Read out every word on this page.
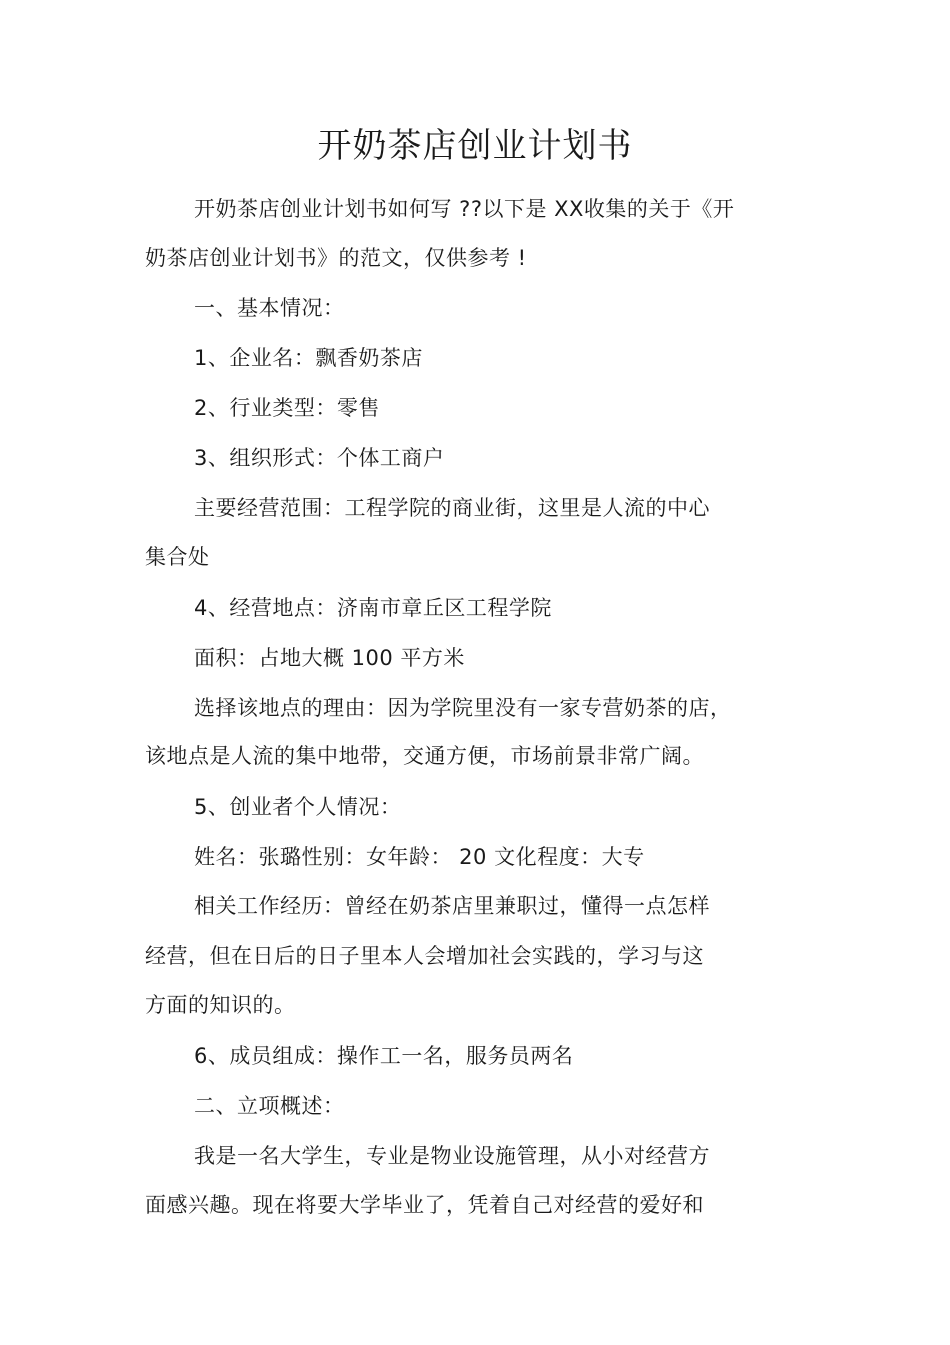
开奶茶店创业计划书
开奶茶店创业计划书如何写 ??以下是 XX收集的关于《开
奶茶店创业计划书》的范文，仅供参考 !
一、基本情况：
1、企业名：飘香奶茶店
2、行业类型：零售
3、组织形式：个体工商户
主要经营范围：工程学院的商业街，这里是人流的中心
集合处
4、经营地点：济南市章丘区工程学院
面积：占地大概 100 平方米
选择该地点的理由：因为学院里没有一家专营奶茶的店，
该地点是人流的集中地带，交通方便，市场前景非常广阔。
5、创业者个人情况：
姓名：张璐性别：女年龄： 20 文化程度：大专
相关工作经历：曾经在奶茶店里兼职过，懂得一点怎样
经营，但在日后的日子里本人会增加社会实践的，学习与这
方面的知识的。
6、成员组成：操作工一名，服务员两名
二、立项概述：
我是一名大学生，专业是物业设施管理，从小对经营方
面感兴趣。现在将要大学毕业了，凭着自己对经营的爱好和
